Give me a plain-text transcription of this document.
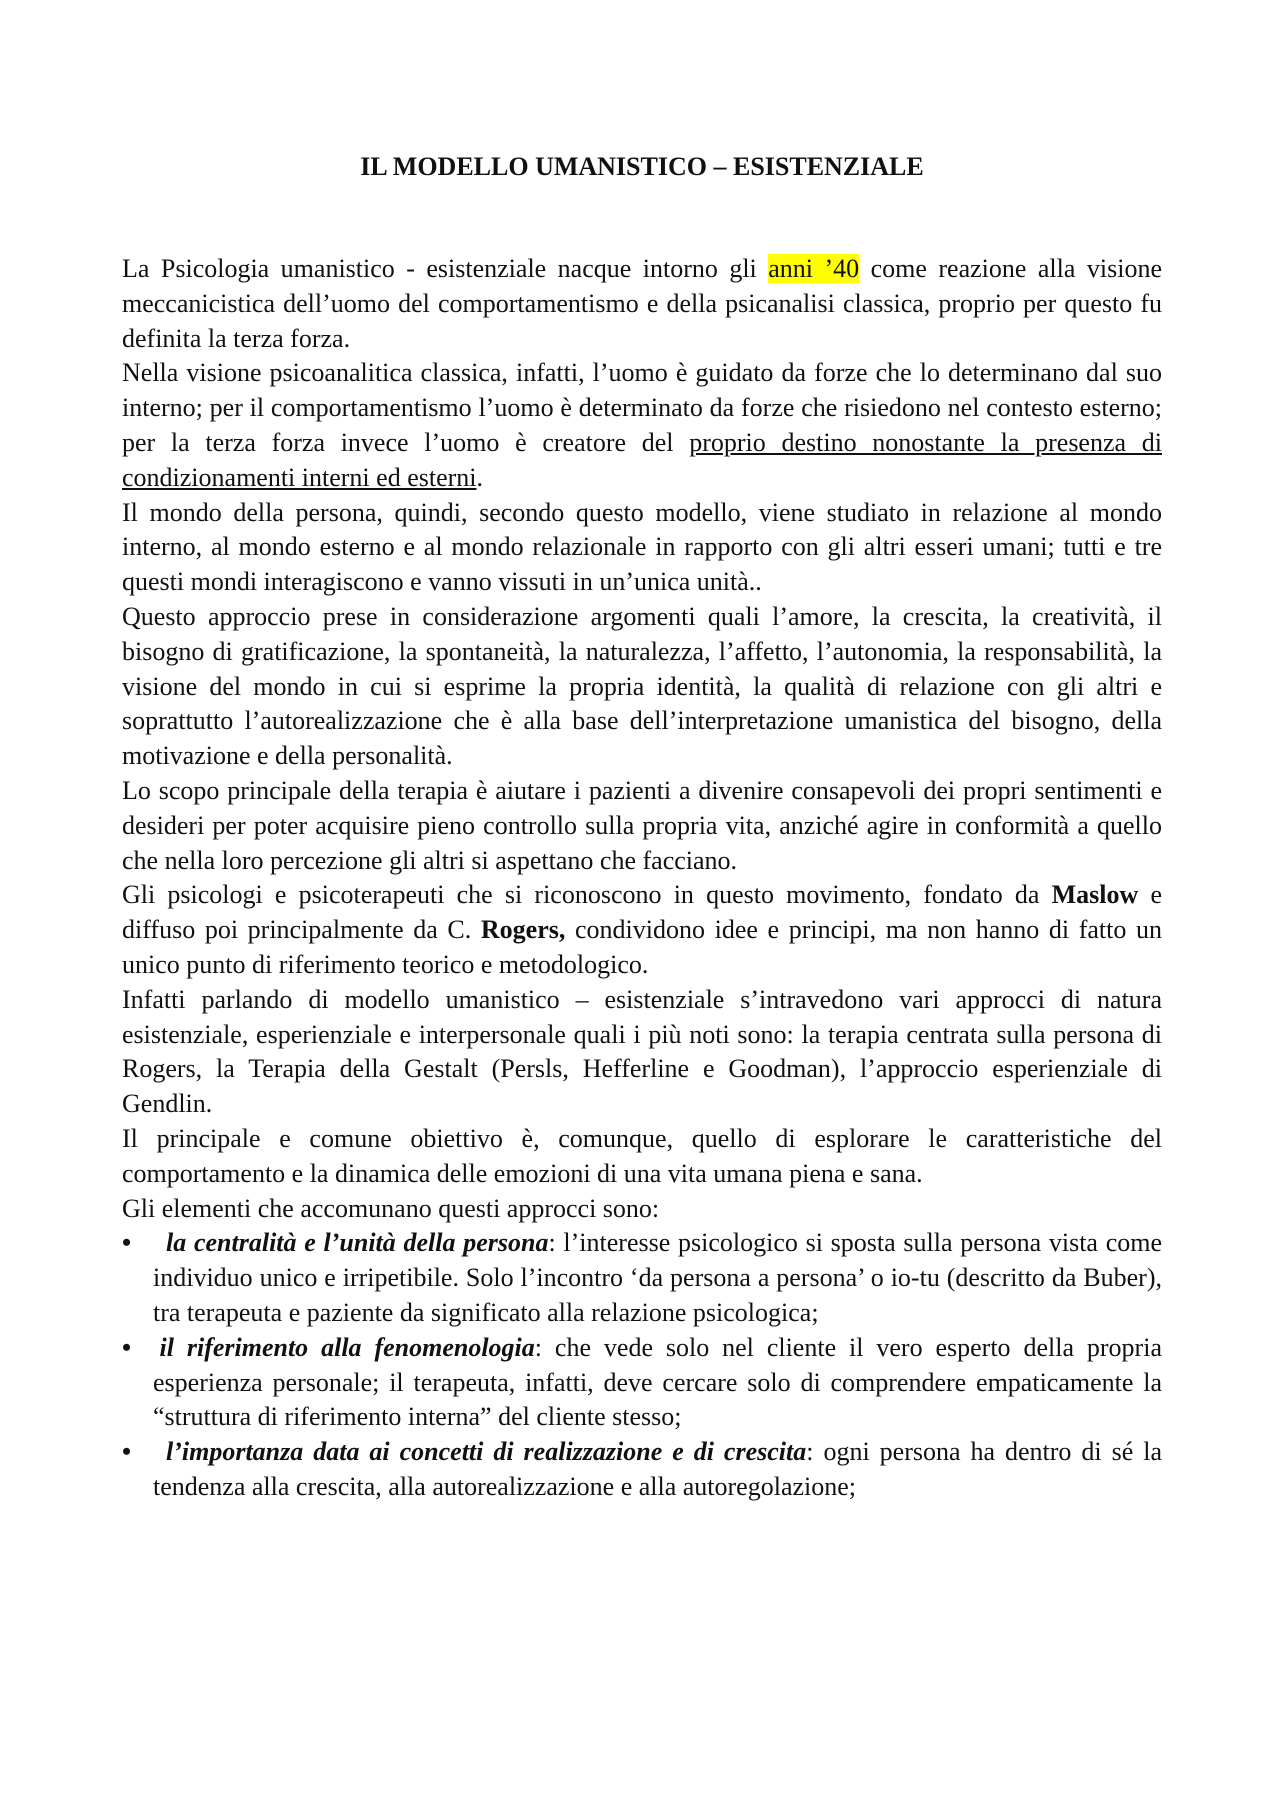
IL MODELLO UMANISTICO – ESISTENZIALE

La Psicologia umanistico - esistenziale nacque intorno gli anni ’40 come reazione alla visione meccanicistica dell’uomo del comportamentismo e della psicanalisi classica, proprio per questo fu definita la terza forza.

Nella visione psicoanalitica classica, infatti, l’uomo è guidato da forze che lo determinano dal suo interno; per il comportamentismo l’uomo è determinato da forze che risiedono nel contesto esterno; per la terza forza invece l’uomo è creatore del proprio destino nonostante la presenza di condizionamenti interni ed esterni.

Il mondo della persona, quindi, secondo questo modello, viene studiato in relazione al mondo interno, al mondo esterno e al mondo relazionale in rapporto con gli altri esseri umani; tutti e tre questi mondi interagiscono e vanno vissuti in un’unica unità..

Questo approccio prese in considerazione argomenti quali l’amore, la crescita, la creatività, il bisogno di gratificazione, la spontaneità, la naturalezza, l’affetto, l’autonomia, la responsabilità, la visione del mondo in cui si esprime la propria identità, la qualità di relazione con gli altri e soprattutto l’autorealizzazione che è alla base dell’interpretazione umanistica del bisogno, della motivazione e della personalità.

Lo scopo principale della terapia è aiutare i pazienti a divenire consapevoli dei propri sentimenti e desideri per poter acquisire pieno controllo sulla propria vita, anziché agire in conformità a quello che nella loro percezione gli altri si aspettano che facciano.

Gli psicologi e psicoterapeuti che si riconoscono in questo movimento, fondato da Maslow e diffuso poi principalmente da C. Rogers, condividono idee e principi, ma non hanno di fatto un unico punto di riferimento teorico e metodologico.

Infatti parlando di modello umanistico – esistenziale s’intravedono vari approcci di natura esistenziale, esperienziale e interpersonale quali i più noti sono: la terapia centrata sulla persona di Rogers, la Terapia della Gestalt (Persls, Hefferline e Goodman), l’approccio esperienziale di Gendlin.

Il principale e comune obiettivo è, comunque, quello di esplorare le caratteristiche del comportamento e la dinamica delle emozioni di una vita umana piena e sana.

Gli elementi che accomunano questi approcci sono:

• la centralità e l’unità della persona: l’interesse psicologico si sposta sulla persona vista come individuo unico e irripetibile. Solo l’incontro ‘da persona a persona’ o io-tu (descritto da Buber), tra terapeuta e paziente da significato alla relazione psicologica;
• il riferimento alla fenomenologia: che vede solo nel cliente il vero esperto della propria esperienza personale; il terapeuta, infatti, deve cercare solo di comprendere empaticamente la “struttura di riferimento interna” del cliente stesso;
• l’importanza data ai concetti di realizzazione e di crescita: ogni persona ha dentro di sé la tendenza alla crescita, alla autorealizzazione e alla autoregolazione;
